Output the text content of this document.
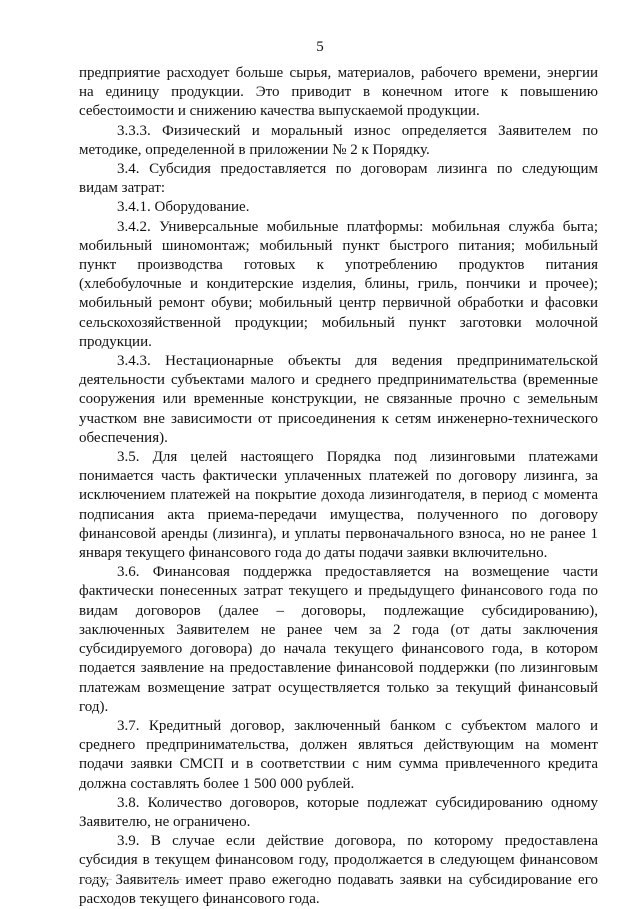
5

предприятие расходует больше сырья, материалов, рабочего времени, энергии на единицу продукции. Это приводит в конечном итоге к повышению себестоимости и снижению качества выпускаемой продукции.

3.3.3. Физический и моральный износ определяется Заявителем по методике, определенной в приложении № 2 к Порядку.

3.4. Субсидия предоставляется по договорам лизинга по следующим видам затрат:

3.4.1. Оборудование.

3.4.2. Универсальные мобильные платформы: мобильная служба быта; мобильный шиномонтаж; мобильный пункт быстрого питания; мобильный пункт производства готовых к употреблению продуктов питания (хлебобулочные и кондитерские изделия, блины, гриль, пончики и прочее); мобильный ремонт обуви; мобильный центр первичной обработки и фасовки сельскохозяйственной продукции; мобильный пункт заготовки молочной продукции.

3.4.3. Нестационарные объекты для ведения предпринимательской деятельности субъектами малого и среднего предпринимательства (временные сооружения или временные конструкции, не связанные прочно с земельным участком вне зависимости от присоединения к сетям инженерно-технического обеспечения).

3.5. Для целей настоящего Порядка под лизинговыми платежами понимается часть фактически уплаченных платежей по договору лизинга, за исключением платежей на покрытие дохода лизингодателя, в период с момента подписания акта приема-передачи имущества, полученного по договору финансовой аренды (лизинга), и уплаты первоначального взноса, но не ранее 1 января текущего финансового года до даты подачи заявки включительно.

3.6. Финансовая поддержка предоставляется на возмещение части фактически понесенных затрат текущего и предыдущего финансового года по видам договоров (далее – договоры, подлежащие субсидированию), заключенных Заявителем не ранее чем за 2 года (от даты заключения субсидируемого договора) до начала текущего финансового года, в котором подается заявление на предоставление финансовой поддержки (по лизинговым платежам возмещение затрат осуществляется только за текущий финансовый год).

3.7. Кредитный договор, заключенный банком с субъектом малого и среднего предпринимательства, должен являться действующим на момент подачи заявки СМСП и в соответствии с ним сумма привлеченного кредита должна составлять более 1 500 000 рублей.

3.8. Количество договоров, которые подлежат субсидированию одному Заявителю, не ограничено.

3.9. В случае если действие договора, по которому предоставлена субсидия в текущем финансовом году, продолжается в следующем финансовом году, Заявитель имеет право ежегодно подавать заявки на субсидирование его расходов текущего финансового года.
